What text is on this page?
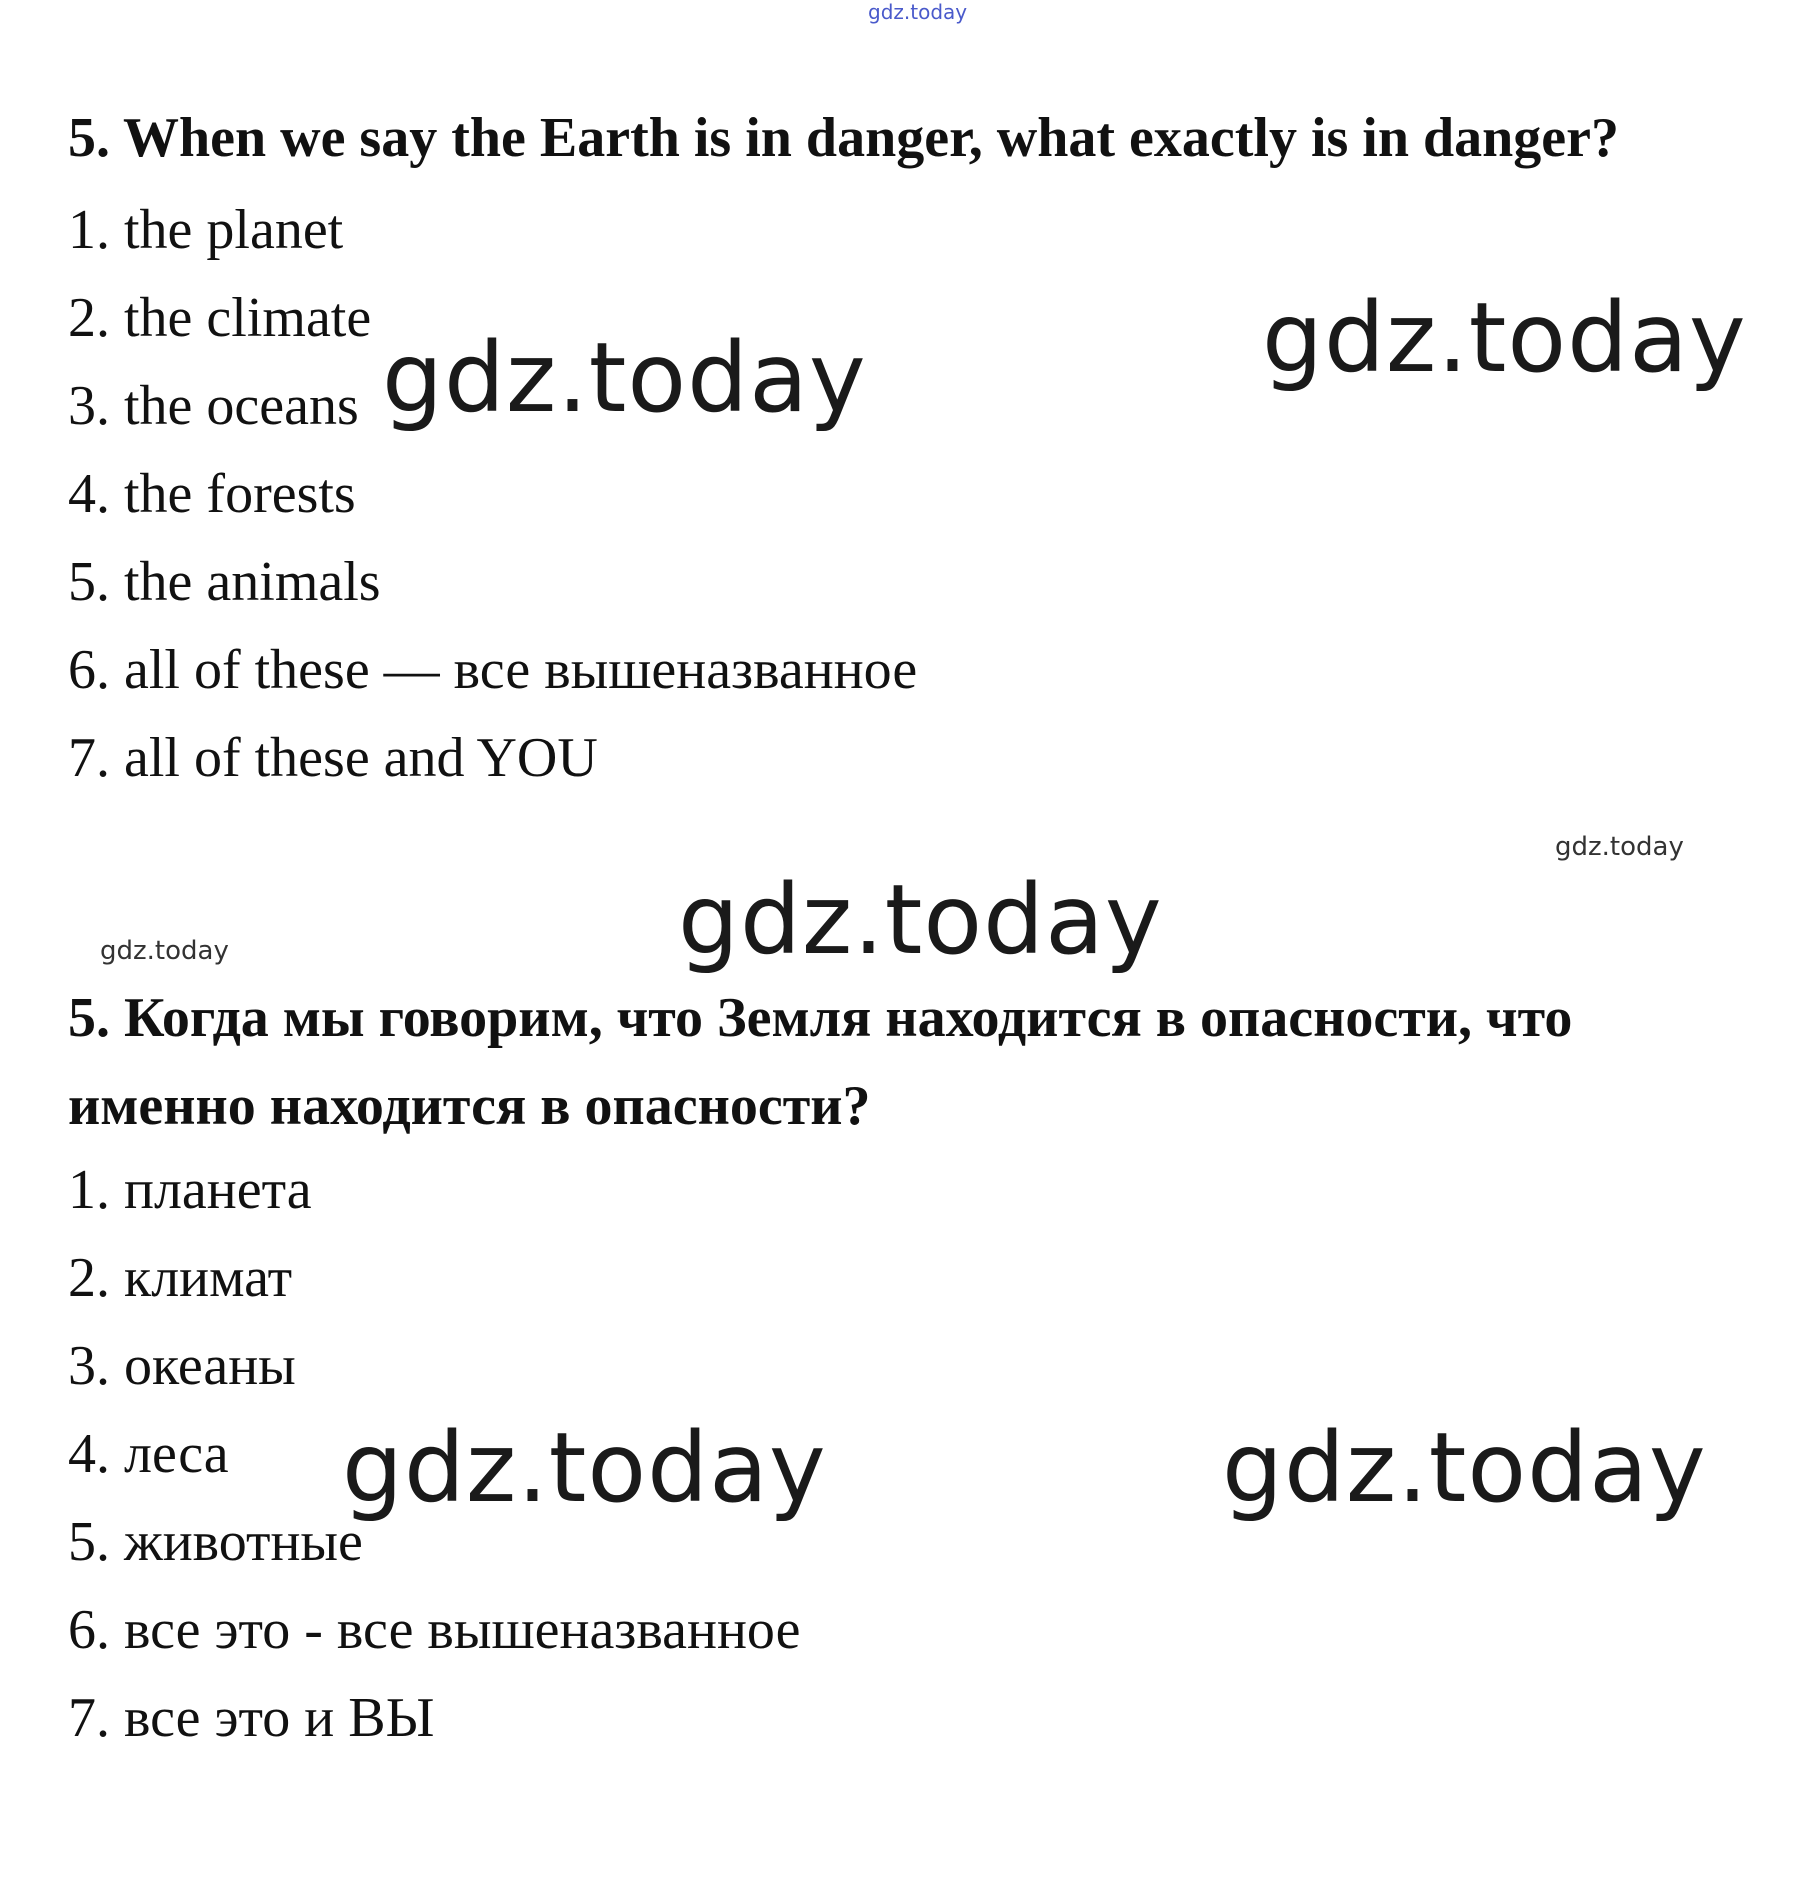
gdz.today
5. When we say the Earth is in danger, what exactly is in danger?
1. the planet
2. the climate
3. the oceans
4. the forests
5. the animals
6. all of these — все вышеназванное
7. all of these and YOU
gdz.today
gdz.today
gdz.today
gdz.today
gdz.today
5. Когда мы говорим, что Земля находится в опасности, что именно находится в опасности?
1. планета
2. климат
3. океаны
4. леса
5. животные
6. все это - все вышеназванное
7. все это и ВЫ
gdz.today	gdz.today
